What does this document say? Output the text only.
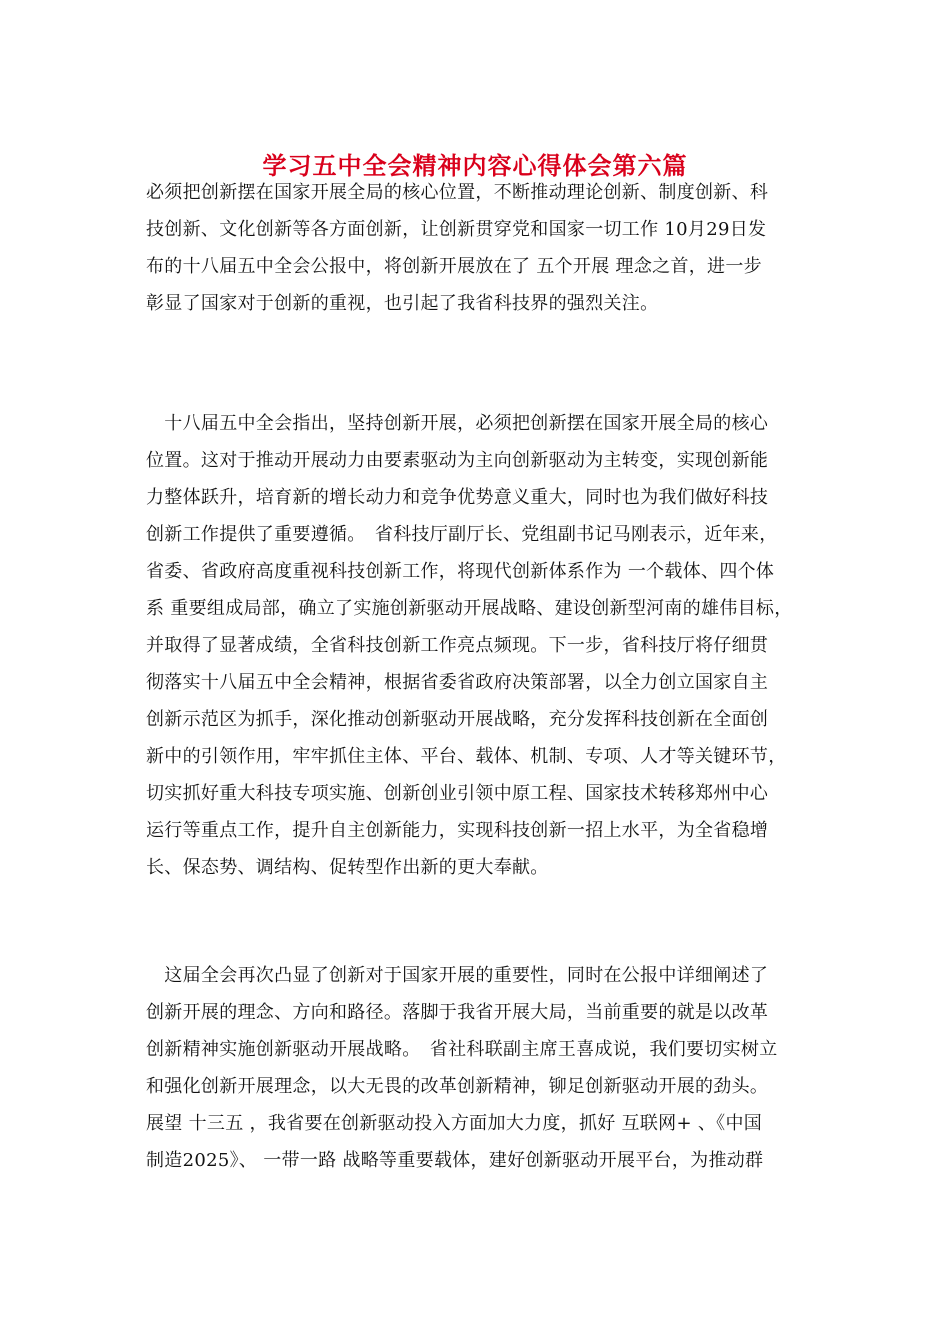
学习五中全会精神内容心得体会第六篇
必须把创新摆在国家开展全局的核心位置，不断推动理论创新、制度创新、科
技创新、文化创新等各方面创新，让创新贯穿党和国家一切工作 10月29日发
布的十八届五中全会公报中，将创新开展放在了 五个开展 理念之首，进一步
彰显了国家对于创新的重视，也引起了我省科技界的强烈关注。
　十八届五中全会指出，坚持创新开展，必须把创新摆在国家开展全局的核心
位置。这对于推动开展动力由要素驱动为主向创新驱动为主转变，实现创新能
力整体跃升，培育新的增长动力和竞争优势意义重大，同时也为我们做好科技
创新工作提供了重要遵循。　省科技厅副厅长、党组副书记马刚表示，近年来，
省委、省政府高度重视科技创新工作，将现代创新体系作为 一个载体、四个体
系 重要组成局部，确立了实施创新驱动开展战略、建设创新型河南的雄伟目标，
并取得了显著成绩，全省科技创新工作亮点频现。下一步，省科技厅将仔细贯
彻落实十八届五中全会精神，根据省委省政府决策部署，以全力创立国家自主
创新示范区为抓手，深化推动创新驱动开展战略，充分发挥科技创新在全面创
新中的引领作用，牢牢抓住主体、平台、载体、机制、专项、人才等关键环节，
切实抓好重大科技专项实施、创新创业引领中原工程、国家技术转移郑州中心
运行等重点工作，提升自主创新能力，实现科技创新一招上水平，为全省稳增
长、保态势、调结构、促转型作出新的更大奉献。
　这届全会再次凸显了创新对于国家开展的重要性，同时在公报中详细阐述了
创新开展的理念、方向和路径。落脚于我省开展大局，当前重要的就是以改革
创新精神实施创新驱动开展战略。　省社科联副主席王喜成说，我们要切实树立
和强化创新开展理念，以大无畏的改革创新精神，铆足创新驱动开展的劲头。
展望 十三五 ，我省要在创新驱动投入方面加大力度，抓好 互联网+ 、《中国
制造2025》、 一带一路 战略等重要载体，建好创新驱动开展平台，为推动群
